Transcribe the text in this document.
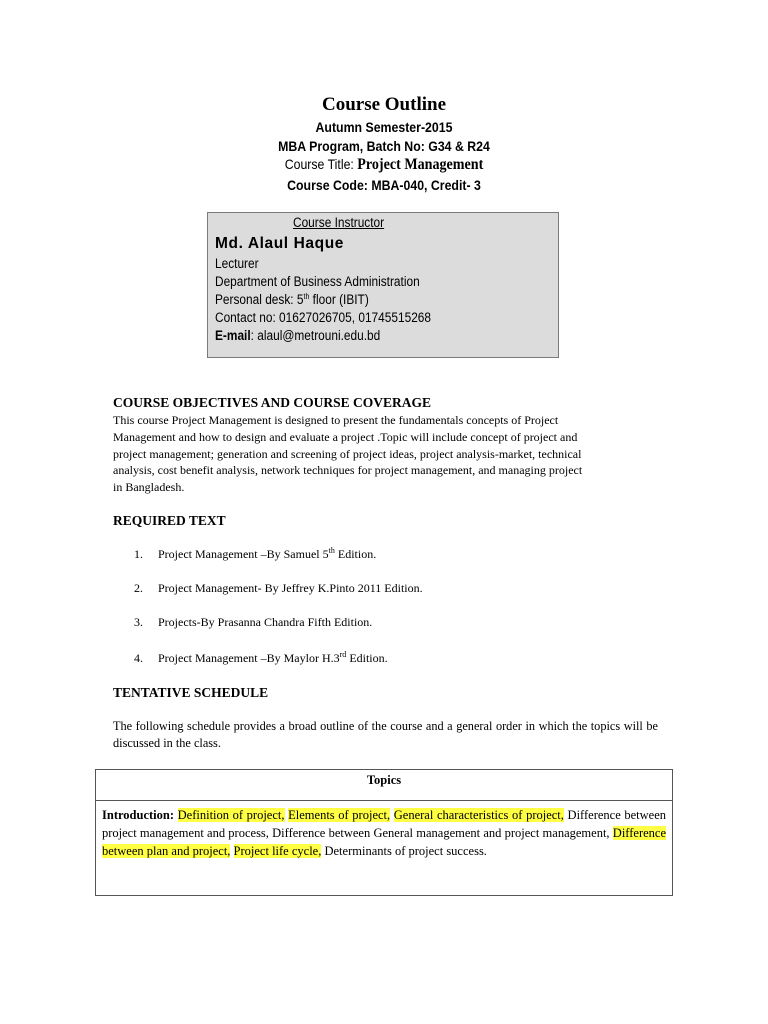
Course Outline
Autumn Semester-2015
MBA Program, Batch No: G34 & R24
Course Title: Project Management
Course Code: MBA-040, Credit- 3
Course Instructor
Md. Alaul Haque
Lecturer
Department of Business Administration
Personal desk: 5th floor (IBIT)
Contact no: 01627026705, 01745515268
E-mail: alaul@metrouni.edu.bd
COURSE OBJECTIVES AND COURSE COVERAGE
This course Project Management is designed to present the fundamentals concepts of Project
Management and how to design and evaluate a project .Topic will include concept of project and
project management; generation and screening of project ideas, project analysis-market, technical
analysis, cost benefit analysis, network techniques for project management, and managing project
in Bangladesh.
REQUIRED TEXT
1. Project Management –By Samuel 5th Edition.
2. Project Management- By Jeffrey K.Pinto 2011 Edition.
3. Projects-By Prasanna Chandra Fifth Edition.
4. Project Management –By Maylor H.3rd Edition.
TENTATIVE SCHEDULE
The following schedule provides a broad outline of the course and a general order in which the topics will be discussed in the class.
Topics
Introduction: Definition of project, Elements of project, General characteristics of project, Difference between project management and process, Difference between General management and project management, Difference between plan and project, Project life cycle, Determinants of project success.
